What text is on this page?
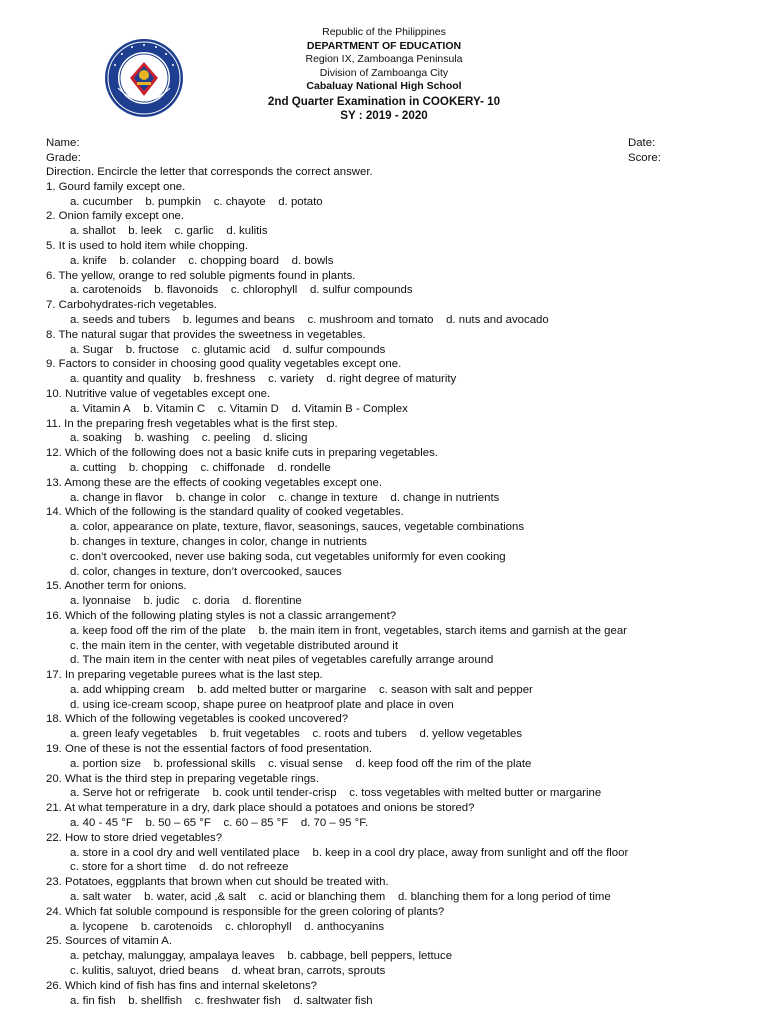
Republic of the Philippines
DEPARTMENT OF EDUCATION
Region IX, Zamboanga Peninsula
Division of Zamboanga City
Cabaluay National High School
2nd Quarter Examination in COOKERY- 10
SY : 2019 - 2020
Name:	Date:
Grade:	Score:
Direction. Encircle the letter that corresponds the correct answer.
1. Gourd family except one.
a. cucumber    b. pumpkin    c. chayote    d. potato
2. Onion family except one.
a. shallot    b. leek    c. garlic    d. kulitis
5. It is used to hold item while chopping.
a. knife    b. colander    c. chopping board    d. bowls
6. The yellow, orange to red soluble pigments found in plants.
a. carotenoids    b. flavonoids    c. chlorophyll    d. sulfur compounds
7. Carbohydrates-rich vegetables.
a. seeds and tubers    b. legumes and beans    c. mushroom and tomato    d. nuts and avocado
8. The natural sugar that provides the sweetness in vegetables.
a. Sugar    b. fructose    c. glutamic acid    d. sulfur compounds
9. Factors to consider in choosing good quality vegetables except one.
a. quantity and quality    b. freshness    c. variety    d. right degree of maturity
10. Nutritive value of vegetables except one.
a. Vitamin A    b. Vitamin C    c. Vitamin D    d. Vitamin B - Complex
11. In the preparing fresh vegetables what is the first step.
a. soaking    b. washing    c. peeling    d. slicing
12. Which of the following does not a basic knife cuts in preparing vegetables.
a. cutting    b. chopping    c. chiffonade    d. rondelle
13. Among these are the effects of cooking vegetables except one.
a. change in flavor    b. change in color    c. change in texture    d. change in nutrients
14. Which of the following is the standard quality of cooked vegetables.
a. color, appearance on plate, texture, flavor, seasonings, sauces, vegetable combinations
b. changes in texture, changes in color, change in nutrients
c. don’t overcooked, never use baking soda, cut vegetables uniformly for even cooking
d. color, changes in texture, don’t overcooked, sauces
15. Another term for onions.
a. lyonnaise    b. judic    c. doria    d. florentine
16. Which of the following plating styles is not a classic arrangement?
a. keep food off the rim of the plate    b. the main item in front, vegetables, starch items and garnish at the gear
c. the main item in the center, with vegetable distributed around it
d. The main item in the center with neat piles of vegetables carefully arrange around
17. In preparing vegetable purees what is the last step.
a. add whipping cream    b. add melted butter or margarine    c. season with salt and pepper
d. using ice-cream scoop, shape puree on heatproof plate and place in oven
18. Which of the following vegetables is cooked uncovered?
a. green leafy vegetables    b. fruit vegetables    c. roots and tubers    d. yellow vegetables
19. One of these is not the essential factors of food presentation.
a. portion size    b. professional skills    c. visual sense    d. keep food off the rim of the plate
20. What is the third step in preparing vegetable rings.
a. Serve hot or refrigerate    b. cook until tender-crisp    c. toss vegetables with melted butter or margarine
21. At what temperature in a dry, dark place should a potatoes and onions be stored?
a. 40 - 45 °F    b. 50 – 65 °F    c. 60 – 85 °F    d. 70 – 95 °F.
22. How to store dried vegetables?
a. store in a cool dry and well ventilated place    b. keep in a cool dry place, away from sunlight and off the floor
c. store for a short time    d. do not refreeze
23. Potatoes, eggplants that brown when cut should be treated with.
a. salt water    b. water, acid ,& salt    c. acid or blanching them    d. blanching them for a long period of time
24. Which fat soluble compound is responsible for the green coloring of plants?
a. lycopene    b. carotenoids    c. chlorophyll    d. anthocyanins
25. Sources of vitamin A.
a. petchay, malunggay, ampalaya leaves    b. cabbage, bell peppers, lettuce
c. kulitis, saluyot, dried beans    d. wheat bran, carrots, sprouts
26. Which kind of fish has fins and internal skeletons?
a. fin fish    b. shellfish    c. freshwater fish    d. saltwater fish
